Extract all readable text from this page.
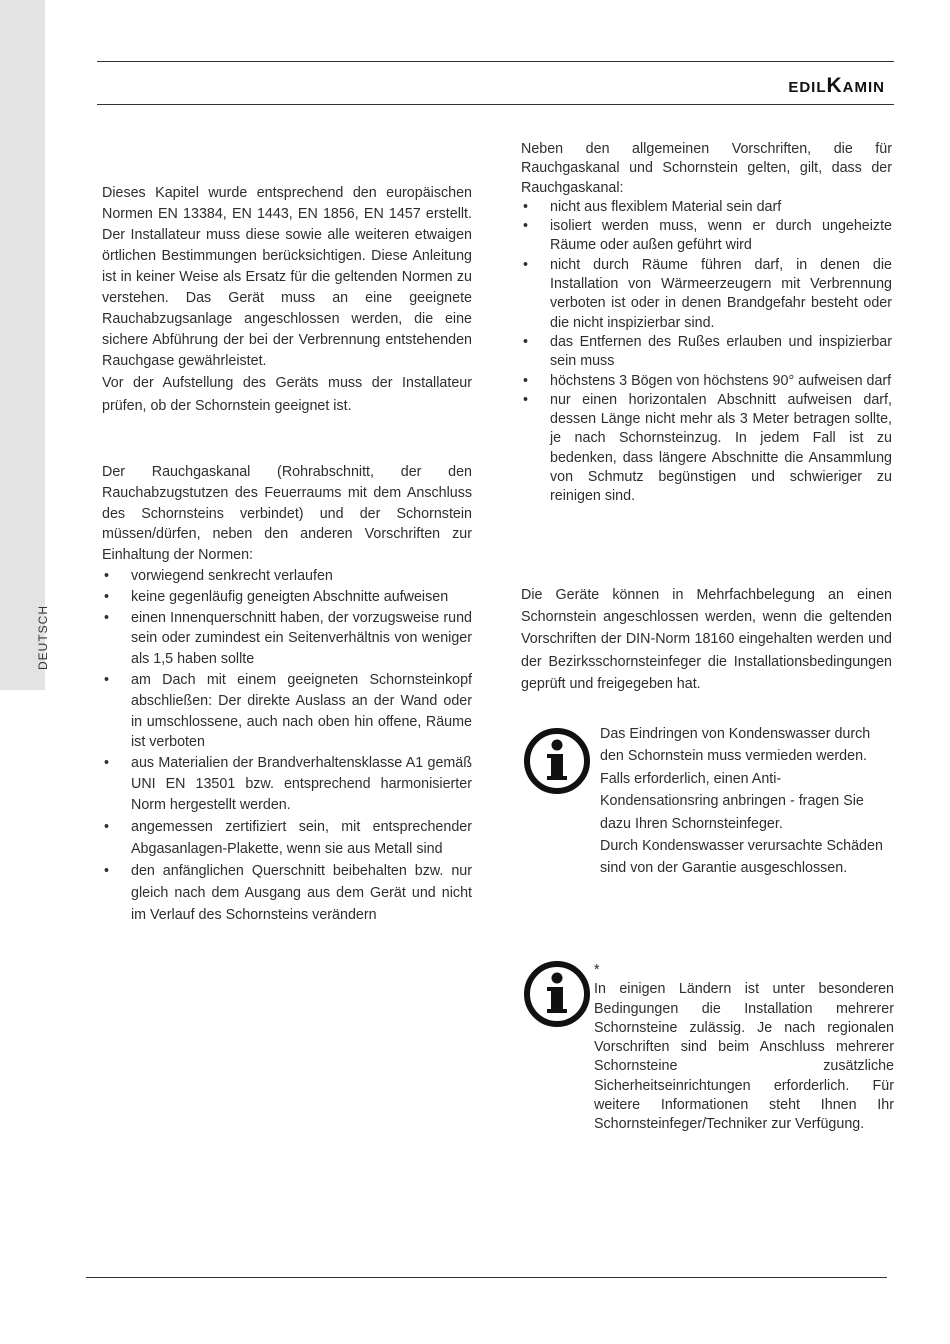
DEUTSCH
EDILKAMIN

Dieses Kapitel wurde entsprechend den europäischen Normen EN 13384, EN 1443, EN 1856, EN 1457 erstellt. Der Installateur muss diese sowie alle weiteren etwaigen örtlichen Bestimmungen berücksichtigen. Diese Anleitung ist in keiner Weise als Ersatz für die geltenden Normen zu verstehen. Das Gerät muss an eine geeignete Rauchabzugsanlage angeschlossen werden, die eine sichere Abführung der bei der Verbrennung entstehenden Rauchgase gewährleistet.

Vor der Aufstellung des Geräts muss der Installateur prüfen, ob der Schornstein geeignet ist.

Der Rauchgaskanal (Rohrabschnitt, der den Rauchabzugstutzen des Feuerraums mit dem Anschluss des Schornsteins verbindet) und der Schornstein müssen/dürfen, neben den anderen Vorschriften zur Einhaltung der Normen:

• vorwiegend senkrecht verlaufen
• keine gegenläufig geneigten Abschnitte aufweisen
• einen Innenquerschnitt haben, der vorzugsweise rund sein oder zumindest ein Seitenverhältnis von weniger als 1,5 haben sollte
• am Dach mit einem geeigneten Schornsteinkopf abschließen: Der direkte Auslass an der Wand oder in umschlossene, auch nach oben hin offene, Räume ist verboten
• aus Materialien der Brandverhaltensklasse A1 gemäß UNI EN 13501 bzw. entsprechend harmonisierter Norm hergestellt werden.
• angemessen zertifiziert sein, mit entsprechender Abgasanlagen-Plakette, wenn sie aus Metall sind
• den anfänglichen Querschnitt beibehalten bzw. nur gleich nach dem Ausgang aus dem Gerät und nicht im Verlauf des Schornsteins verändern

Neben den allgemeinen Vorschriften, die für Rauchgaskanal und Schornstein gelten, gilt, dass der Rauchgaskanal:

• nicht aus flexiblem Material sein darf
• isoliert werden muss, wenn er durch ungeheizte Räume oder außen geführt wird
• nicht durch Räume führen darf, in denen die Installation von Wärmeerzeugern mit Verbrennung verboten ist oder in denen Brandgefahr besteht oder die nicht inspizierbar sind.
• das Entfernen des Rußes erlauben und inspizierbar sein muss
• höchstens 3 Bögen von höchstens 90° aufweisen darf
• nur einen horizontalen Abschnitt aufweisen darf, dessen Länge nicht mehr als 3 Meter betragen sollte, je nach Schornsteinzug. In jedem Fall ist zu bedenken, dass längere Abschnitte die Ansammlung von Schmutz begünstigen und schwieriger zu reinigen sind.

Die Geräte können in Mehrfachbelegung an einen Schornstein angeschlossen werden, wenn die geltenden Vorschriften der DIN-Norm 18160 eingehalten werden und der Bezirksschornsteinfeger die Installationsbedingungen geprüft und freigegeben hat.

Das Eindringen von Kondenswasser durch den Schornstein muss vermieden werden. Falls erforderlich, einen Anti-Kondensationsring anbringen - fragen Sie dazu Ihren Schornsteinfeger.

Durch Kondenswasser verursachte Schäden sind von der Garantie ausgeschlossen.

*

In einigen Ländern ist unter besonderen Bedingungen die Installation mehrerer Schornsteine zulässig. Je nach regionalen Vorschriften sind beim Anschluss mehrerer Schornsteine zusätzliche Sicherheitseinrichtungen erforderlich. Für weitere Informationen steht Ihnen Ihr Schornsteinfeger/Techniker zur Verfügung.
